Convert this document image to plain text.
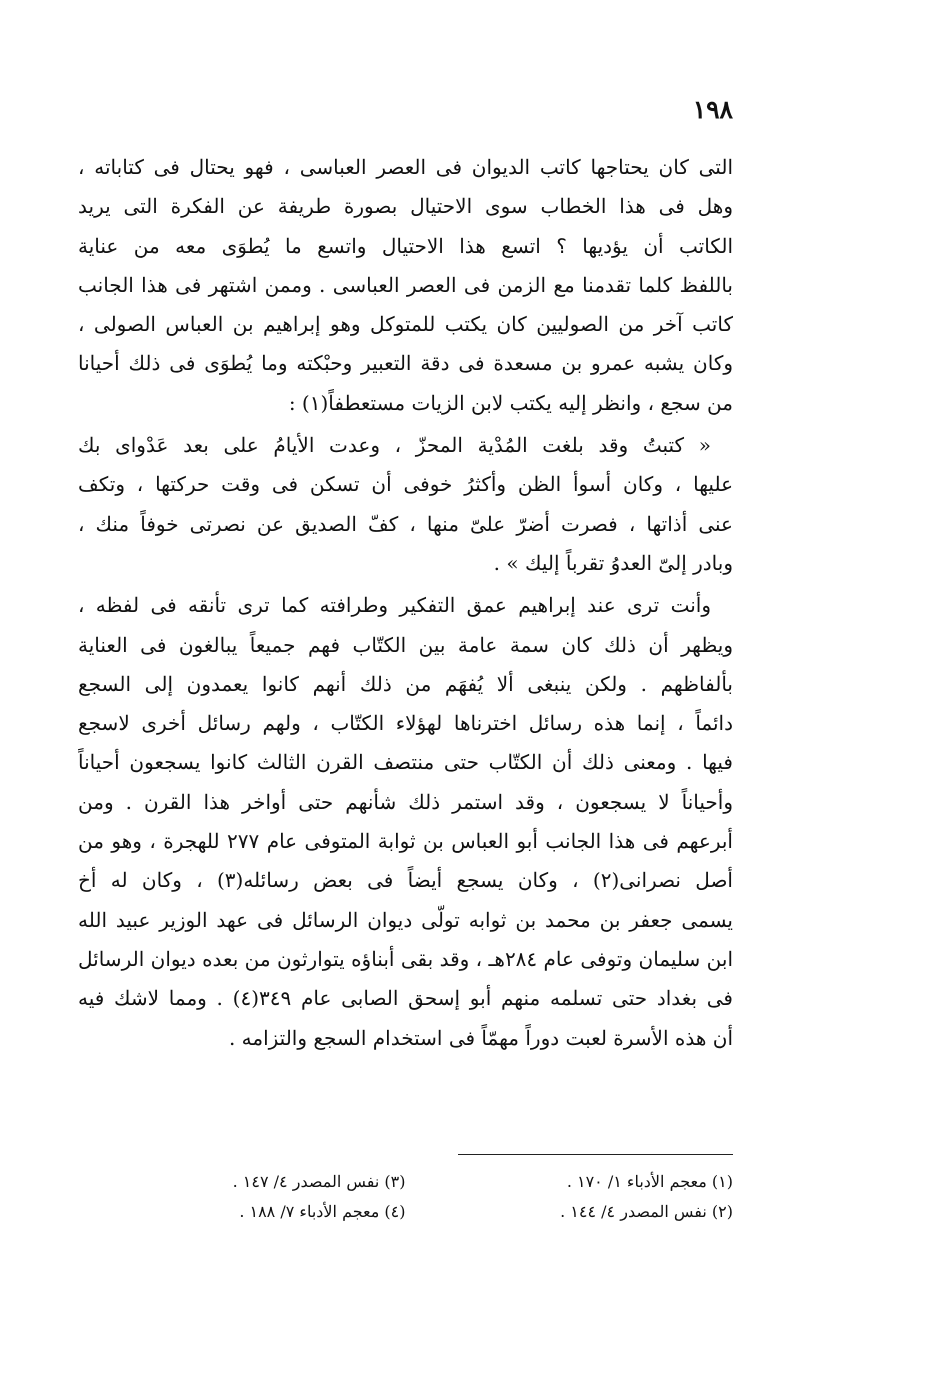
١٩٨
التى كان يحتاجها كاتب الديوان فى العصر العباسى ، فهو يحتال فى كتاباته ،
وهل فى هذا الخطاب سوى الاحتيال بصورة طريفة عن الفكرة التى يريد
الكاتب أن يؤديها ؟ اتسع هذا الاحتيال واتسع ما يُطوَى معه من عناية
باللفظ كلما تقدمنا مع الزمن فى العصر العباسى . وممن اشتهر فى هذا الجانب
كاتب آخر من الصوليين كان يكتب للمتوكل وهو إبراهيم بن العباس الصولى ،
وكان يشبه عمرو بن مسعدة فى دقة التعبير وحبْكته وما يُطوَى فى ذلك أحيانا
من سجع ، وانظر إليه يكتب لابن الزيات مستعطفاً(١) :
« كتبتُ وقد بلغت المُدْية المحزّ ، وعدت الأيامُ على بعد عَدْواى بك
عليها ، وكان أسوأ الظن وأكثرُ خوفى أن تسكن فى وقت حركتها ، وتكف
عنى أذاتها ، فصرت أضرّ علىّ منها ، كفّ الصديق عن نصرتى خوفاً منك ،
وبادر إلىّ العدوُ تقرباً إليك » .
وأنت ترى عند إبراهيم عمق التفكير وطرافته كما ترى تأنقه فى لفظه ،
ويظهر أن ذلك كان سمة عامة بين الكتّاب فهم جميعاً يبالغون فى العناية
بألفاظهم . ولكن ينبغى ألا يُفهَم من ذلك أنهم كانوا يعمدون إلى السجع
دائماً ، إنما هذه رسائل اخترناها لهؤلاء الكتّاب ، ولهم رسائل أخرى لاسجع
فيها . ومعنى ذلك أن الكتّاب حتى منتصف القرن الثالث كانوا يسجعون أحياناً
وأحياناً لا يسجعون ، وقد استمر ذلك شأنهم حتى أواخر هذا القرن . ومن
أبرعهم فى هذا الجانب أبو العباس بن ثوابة المتوفى عام ٢٧٧ للهجرة ، وهو من
أصل نصرانى(٢) ، وكان يسجع أيضاً فى بعض رسائله(٣) ، وكان له أخ
يسمى جعفر بن محمد بن ثوابه تولّى ديوان الرسائل فى عهد الوزير عبيد الله
ابن سليمان وتوفى عام ٢٨٤هـ ، وقد بقى أبناؤه يتوارثون من بعده ديوان الرسائل
فى بغداد حتى تسلمه منهم أبو إسحق الصابى عام ٣٤٩(٤) . ومما لاشك فيه
أن هذه الأسرة لعبت دوراً مهمّاً فى استخدام السجع والتزامه .
(١) معجم الأدباء ١/ ١٧٠ .
(٣) نفس المصدر ٤/ ١٤٧ .
(٢) نفس المصدر ٤/ ١٤٤ .
(٤) معجم الأدباء ٧/ ١٨٨ .
